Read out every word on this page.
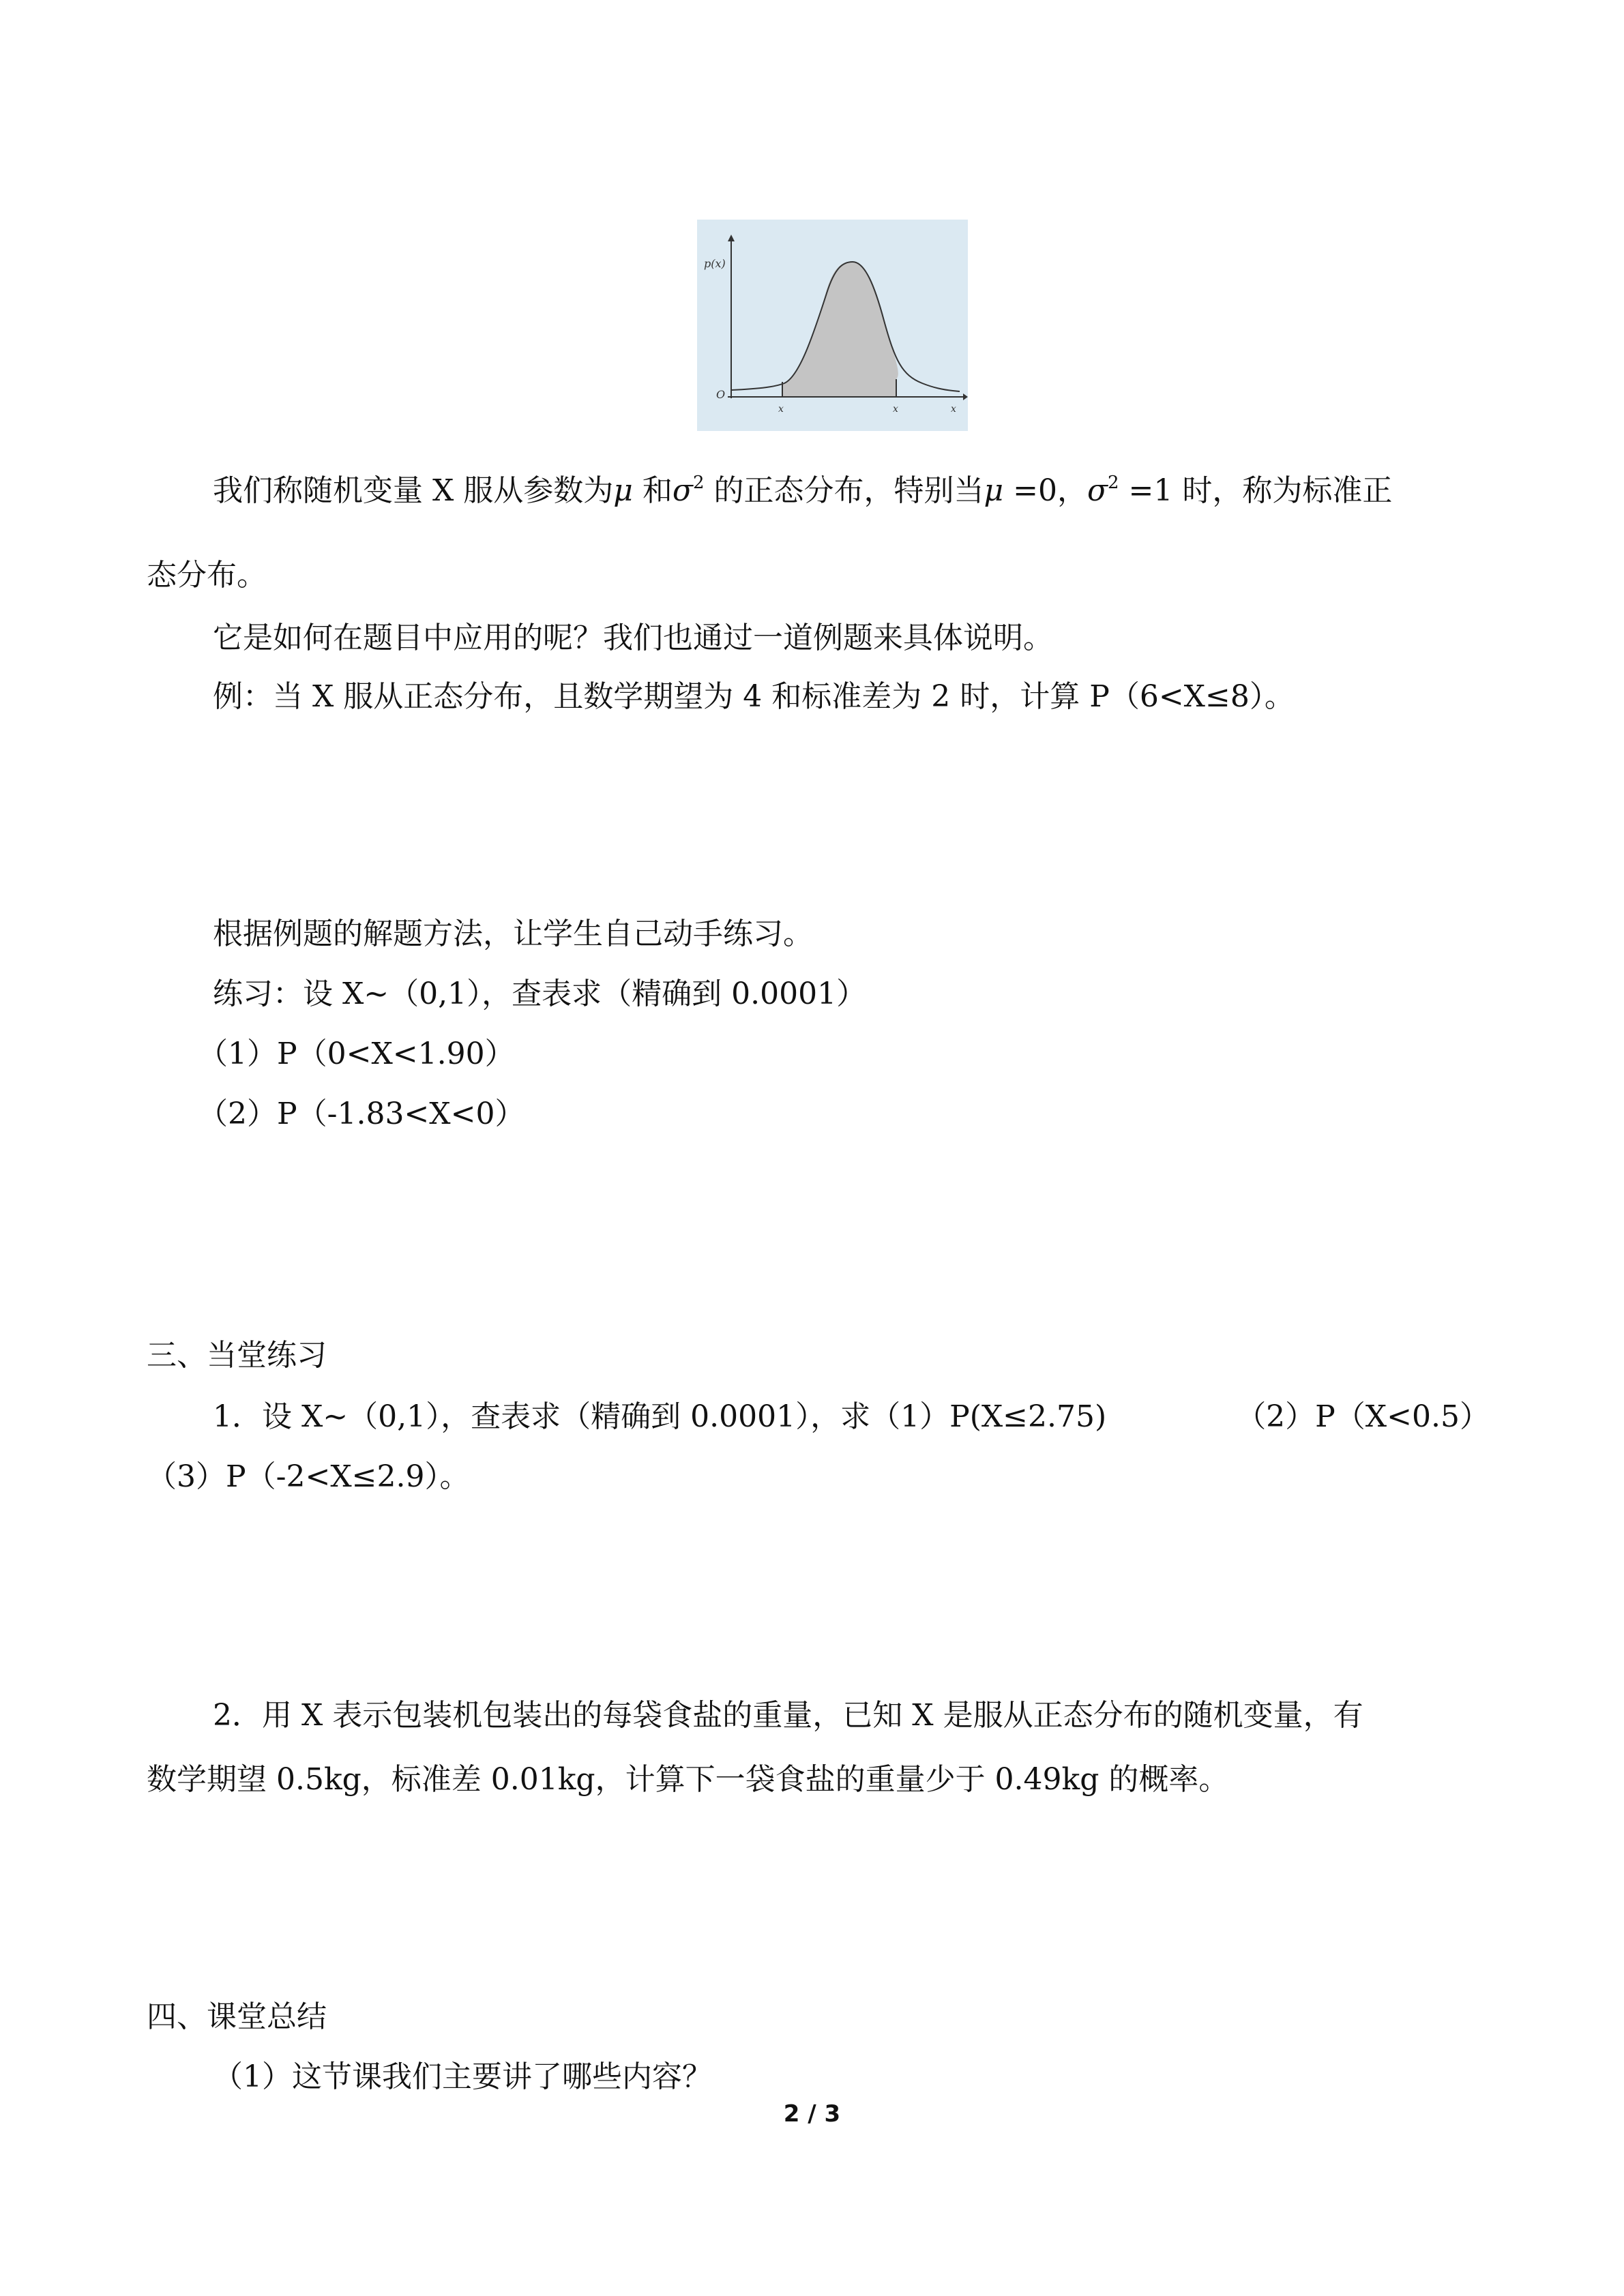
p(x)
O
x	x	x
我们称随机变量 X 服从参数为μ 和$\sigma^2$ 的正态分布，特别当μ =0，$\sigma^2 =1$ 时，称为标准正
态分布。
它是如何在题目中应用的呢？我们也通过一道例题来具体说明。
例：当 X 服从正态分布，且数学期望为 4 和标准差为 2 时，计算 P（6<X≤8）。
根据例题的解题方法，让学生自己动手练习。
练习：设 X~（0,1），查表求（精确到 0.0001）
（1）P（0<X<1.90）
（2）P（-1.83<X<0）
三、当堂练习
1．设 X~（0,1），查表求（精确到 0.0001），求（1）P(X≤2.75)	（2）P（X<0.5）
（3）P（-2<X≤2.9）。
2．用 X 表示包装机包装出的每袋食盐的重量，已知 X 是服从正态分布的随机变量，有
数学期望 0.5kg，标准差 0.01kg，计算下一袋食盐的重量少于 0.49kg 的概率。
四、课堂总结
（1）这节课我们主要讲了哪些内容？
2 / 3
